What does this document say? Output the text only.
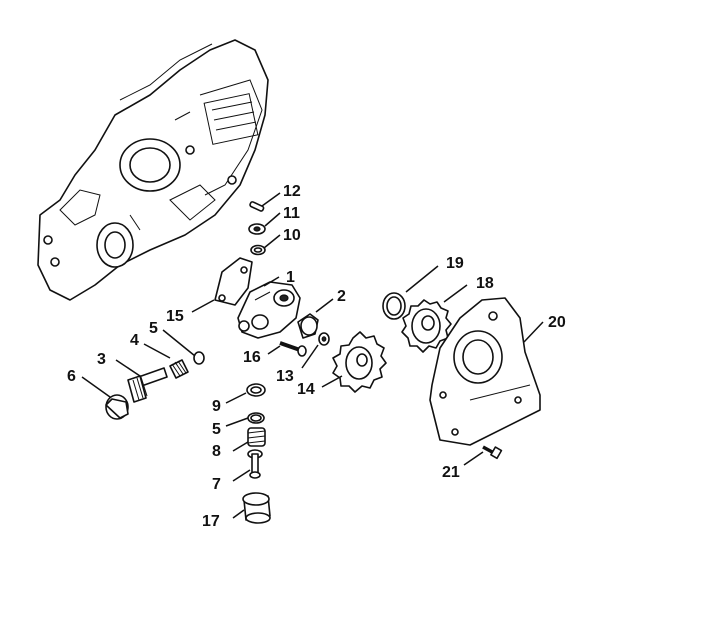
1
2
3
4
5
6
7
8
9
5
10
11
12
13
14
15
16
17
18
19
20
21
